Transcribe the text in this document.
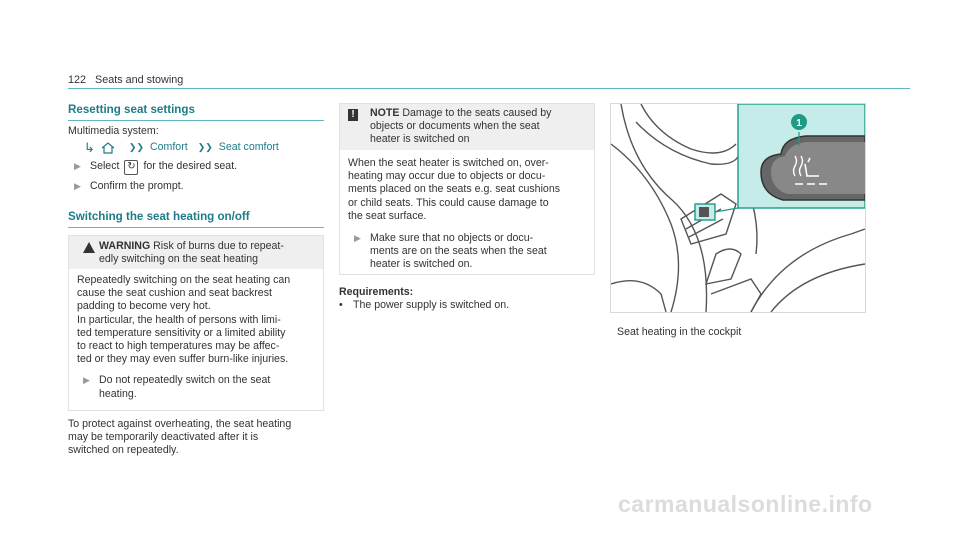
122 Seats and stowing
Resetting seat settings
Multimedia system:
↳	❯❯ Comfort ❯❯ Seat comfort
▶ Select ↻ for the desired seat.
▶ Confirm the prompt.
Switching the seat heating on/off
WARNING Risk of burns due to repeat-
edly switching on the seat heating
Repeatedly switching on the seat heating can
cause the seat cushion and seat backrest
padding to become very hot.
In particular, the health of persons with limi-
ted temperature sensitivity or a limited ability
to react to high temperatures may be affec-
ted or they may even suffer burn-like injuries.
▶ Do not repeatedly switch on the seat
heating.
To protect against overheating, the seat heating
may be temporarily deactivated after it is
switched on repeatedly.
!	NOTE Damage to the seats caused by
objects or documents when the seat
heater is switched on
When the seat heater is switched on, over-
heating may occur due to objects or docu-
ments placed on the seats e.g. seat cushions
or child seats. This could cause damage to
the seat surface.
▶ Make sure that no objects or docu-
ments are on the seats when the seat
heater is switched on.
Requirements:
• The power supply is switched on.
1
Seat heating in the cockpit
carmanualsonline.info
